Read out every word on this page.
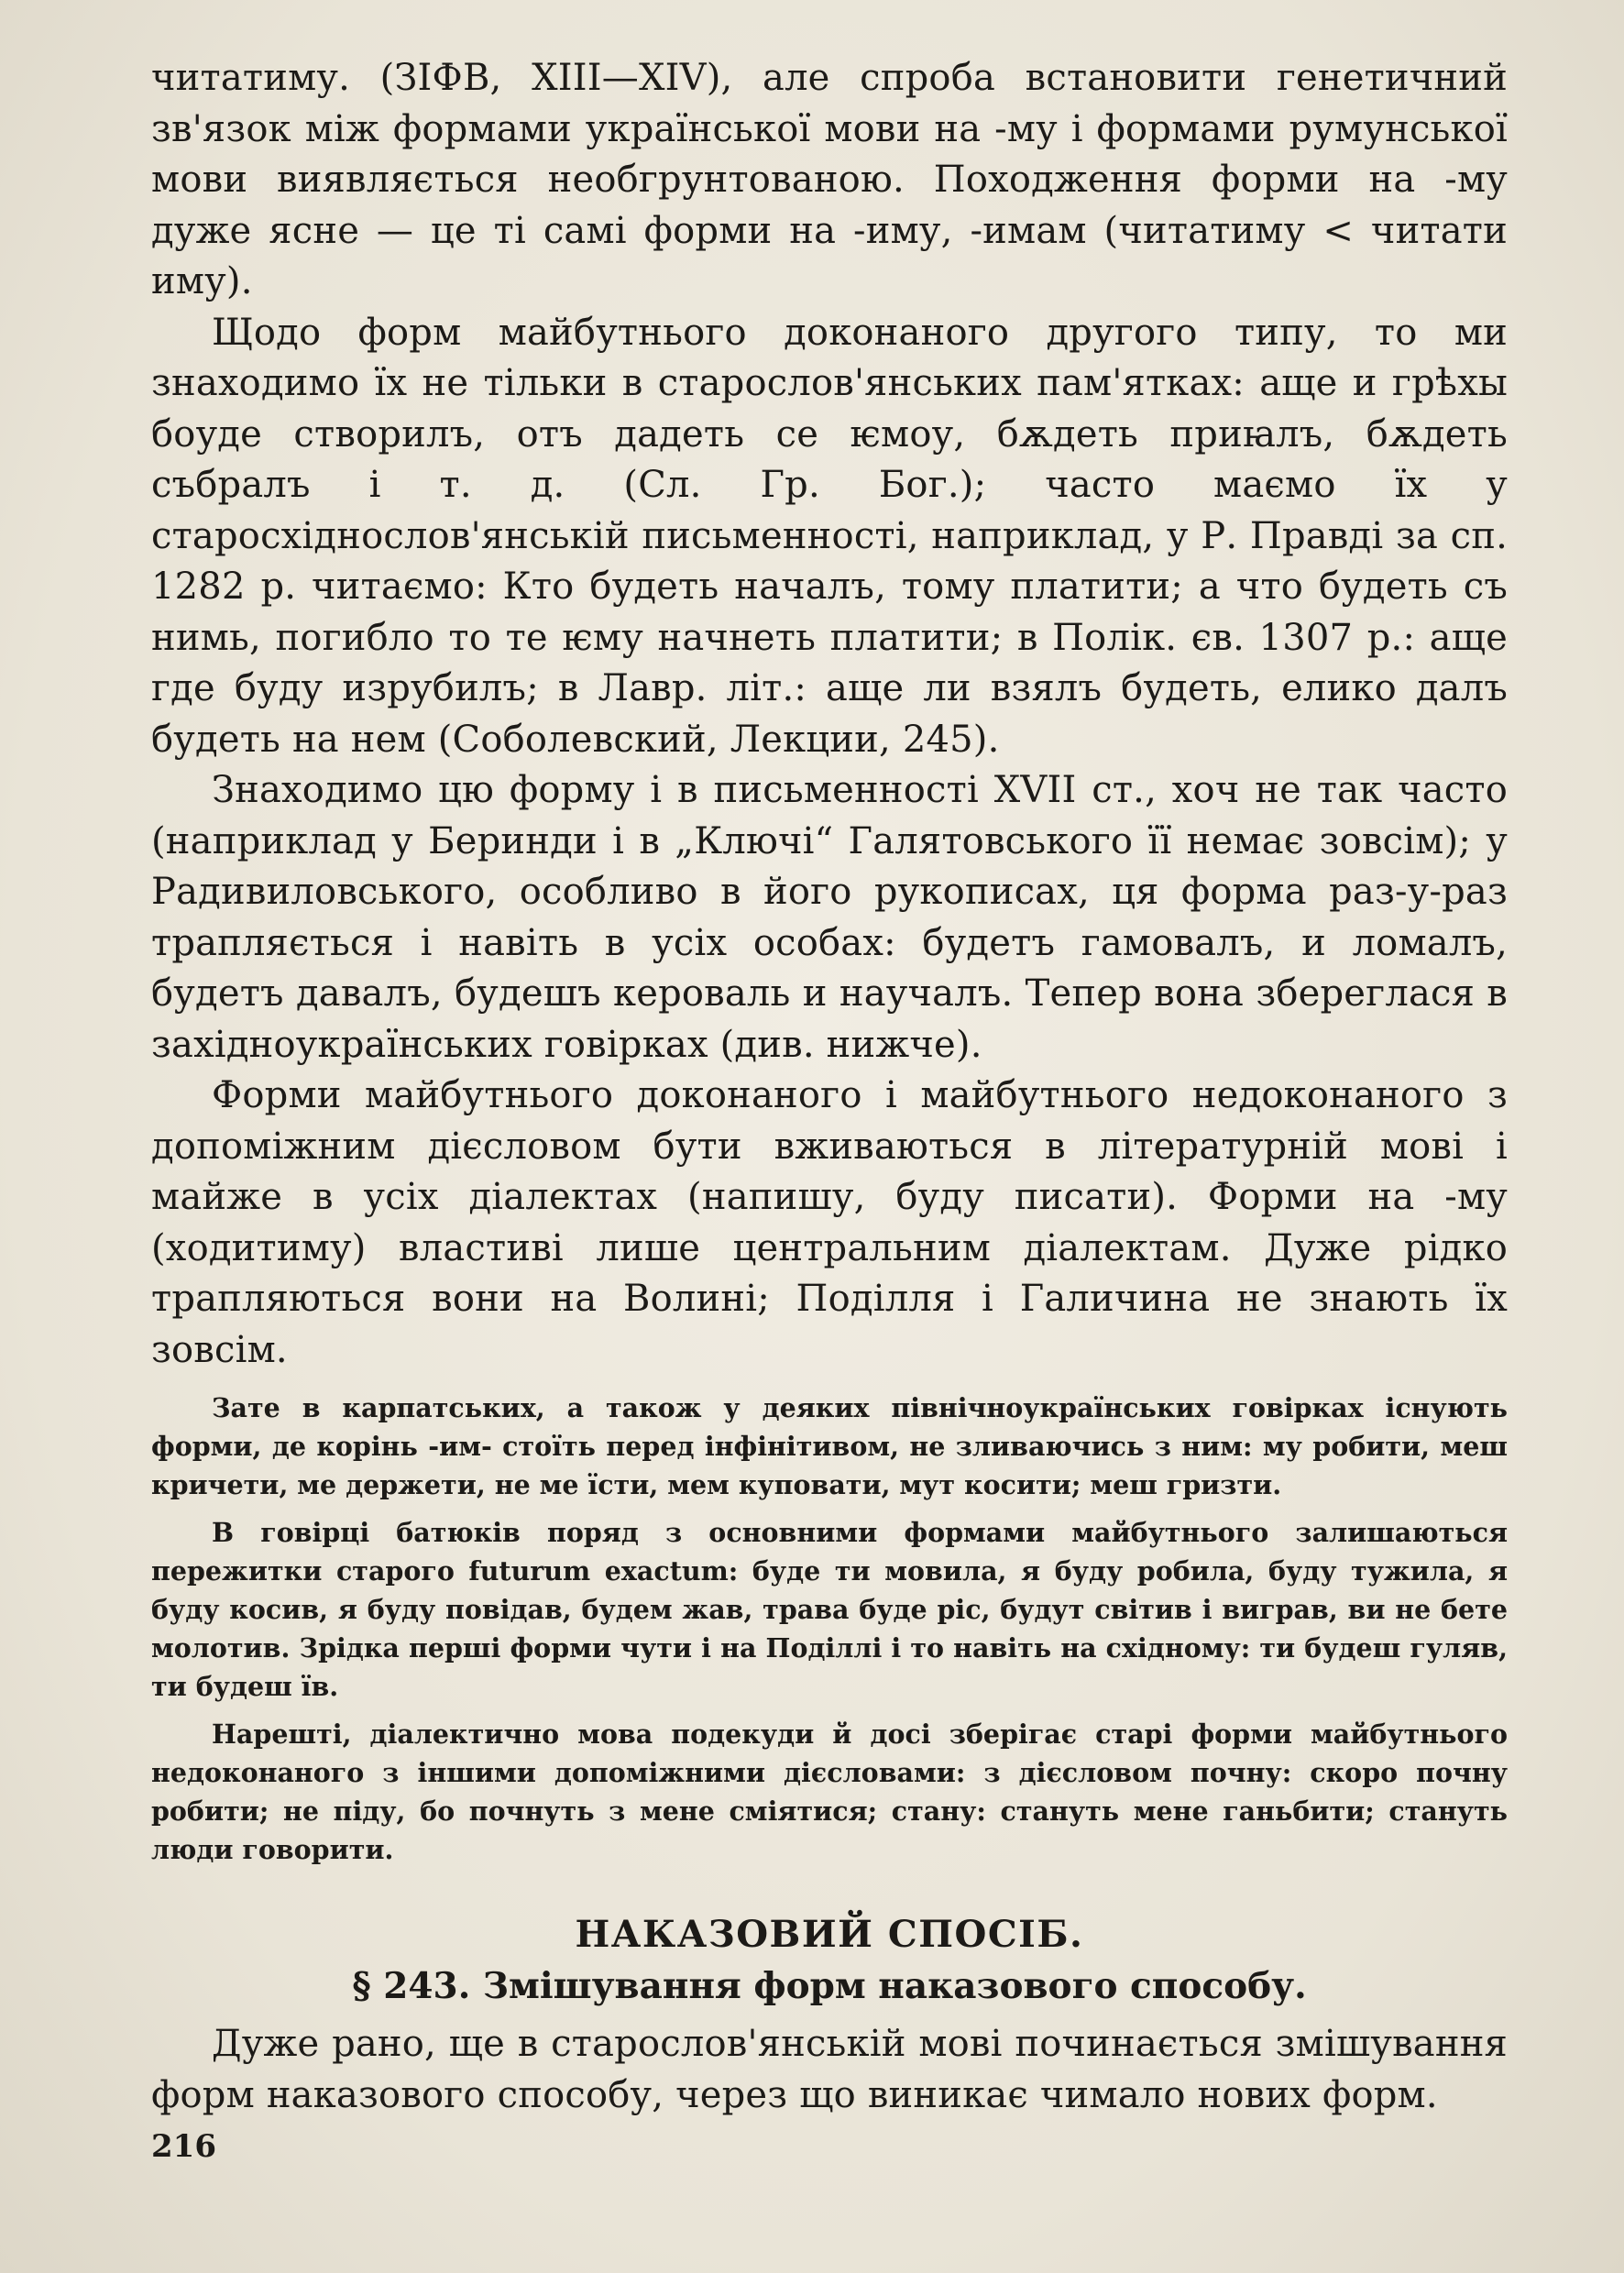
читатиму. (ЗІФВ, XIII—XIV), але спроба встановити генетичний зв'язок між формами української мови на -му і формами румунської мови виявляється необгрунтованою. Походження форми на -му дуже ясне — це ті самі форми на -иму, -имам (читатиму < читати иму).

Щодо форм майбутнього доконаного другого типу, то ми знаходимо їх не тільки в старослов'янських пам'ятках: аще и грѣхы боуде створилъ, отъ дадеть се ѥмоу, бѫдеть приꙗлъ, бѫдеть събралъ і т. д. (Сл. Гр. Бог.); часто маємо їх у старосхіднослов'янській письменності, наприклад, у Р. Правді за сп. 1282 р. читаємо: Кто будеть началъ, тому платити; а что будеть съ нимь, погибло то те ѥму начнеть платити; в Полік. єв. 1307 р.: аще где буду изрубилъ; в Лавр. літ.: аще ли взялъ будеть, елико далъ будеть на нем (Соболевский, Лекции, 245).

Знаходимо цю форму і в письменності XVII ст., хоч не так часто (наприклад у Беринди і в „Ключі“ Галятовського її немає зовсім); у Радивиловського, особливо в його рукописах, ця форма раз-у-раз трапляється і навіть в усіх особах: будетъ гамовалъ, и ломалъ, будетъ давалъ, будешъ кероваль и научалъ. Тепер вона збереглася в західноукраїнських говірках (див. нижче).

Форми майбутнього доконаного і майбутнього недоконаного з допоміжним дієсловом бути вживаються в літературній мові і майже в усіх діалектах (напишу, буду писати). Форми на -му (ходитиму) властиві лише центральним діалектам. Дуже рідко трапляються вони на Волині; Поділля і Галичина не знають їх зовсім.

Зате в карпатських, а також у деяких північноукраїнських говірках існують форми, де корінь -им- стоїть перед інфінітивом, не зливаючись з ним: му робити, меш кричети, ме держети, не ме їсти, мем куповати, мут косити; меш гризти.

В говірці батюків поряд з основними формами майбутнього залишаються пережитки старого futurum exactum: буде ти мовила, я буду робила, буду тужила, я буду косив, я буду повідав, будем жав, трава буде ріс, будут світив і виграв, ви не бете молотив. Зрідка перші форми чути і на Поділлі і то навіть на східному: ти будеш гуляв, ти будеш їв.

Нарешті, діалектично мова подекуди й досі зберігає старі форми майбутнього недоконаного з іншими допоміжними дієсловами: з дієсловом почну: скоро почну робити; не піду, бо почнуть з мене сміятися; стану: стануть мене ганьбити; стануть люди говорити.

НАКАЗОВИЙ СПОСІБ.
§ 243. Змішування форм наказового способу.

Дуже рано, ще в старослов'янській мові починається змішування форм наказового способу, через що виникає чимало нових форм.

216
